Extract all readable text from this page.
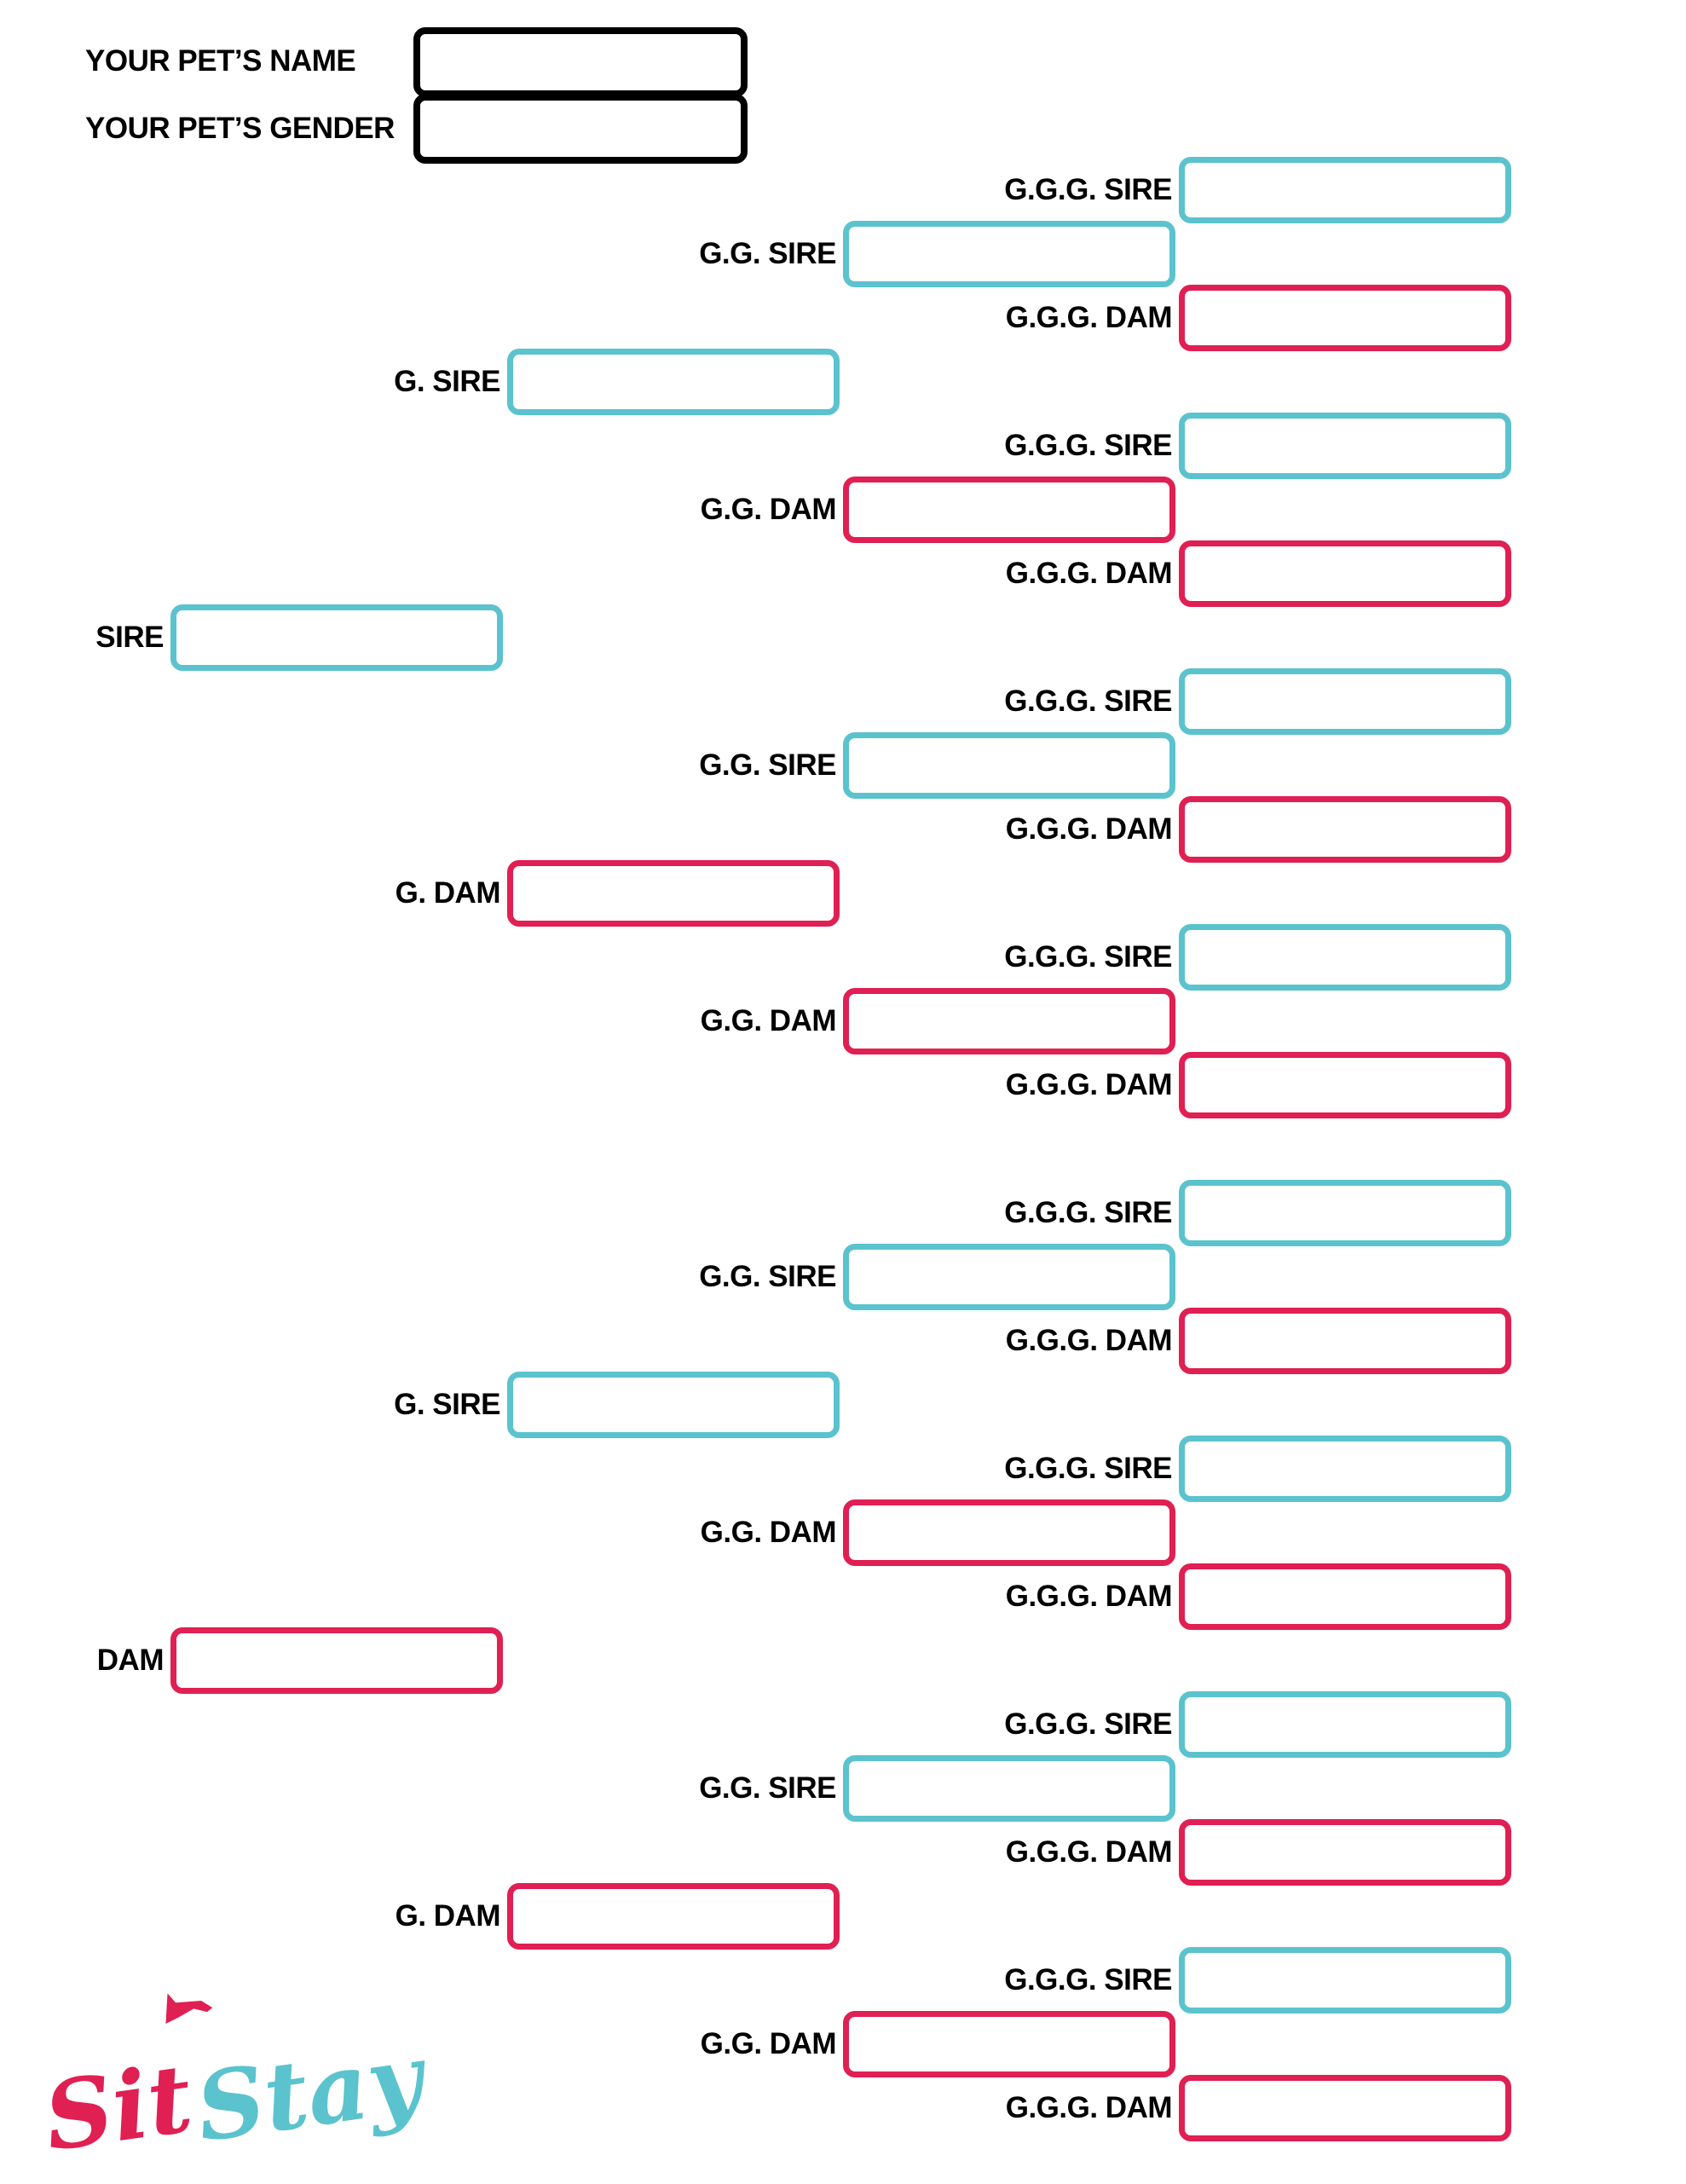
YOUR PET’S NAME
YOUR PET’S GENDER
SIRE
DAM
G. SIRE
G. DAM
G. SIRE
G. DAM
G.G. SIRE
G.G. DAM
G.G. SIRE
G.G. DAM
G.G. SIRE
G.G. DAM
G.G. SIRE
G.G. DAM
G.G.G. SIRE
G.G.G. DAM
G.G.G. SIRE
G.G.G. DAM
G.G.G. SIRE
G.G.G. DAM
G.G.G. SIRE
G.G.G. DAM
G.G.G. SIRE
G.G.G. DAM
G.G.G. SIRE
G.G.G. DAM
G.G.G. SIRE
G.G.G. DAM
G.G.G. SIRE
G.G.G. DAM
Sit
Stay
